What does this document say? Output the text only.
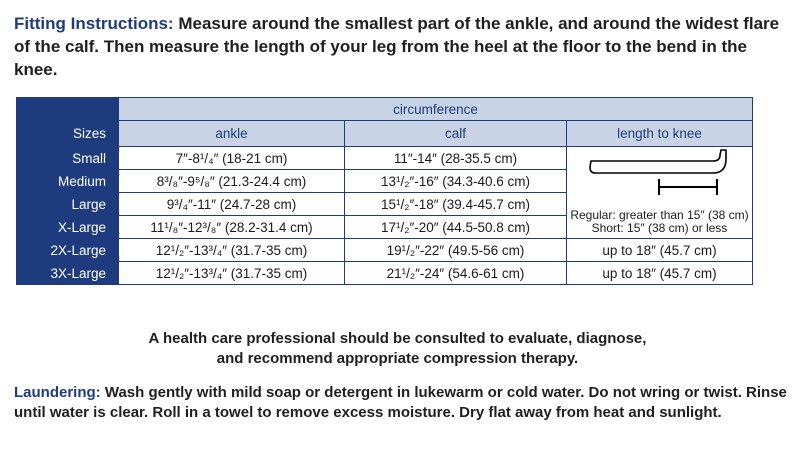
Fitting Instructions: Measure around the smallest part of the ankle, and around the widest flare of the calf. Then measure the length of your leg from the heel at the floor to the bend in the knee.
	circumference		
Sizes	ankle	calf	length to knee
Small	7″-8¹/₄″ (18-21 cm)	11″-14″ (28-35.5 cm)	Regular: greater than 15″ (38 cm)
Short: 15″ (38 cm) or less

Medium	8³/₈″-9⁵/₈″ (21.3-24.4 cm)	13¹/₂″-16″ (34.3-40.6 cm)	
Large	9³/₄″-11″ (24.7-28 cm)	15¹/₂″-18″ (39.4-45.7 cm)	
X-Large	11¹/₈″-12³/₈″ (28.2-31.4 cm)	17¹/₂″-20″ (44.5-50.8 cm)	
2X-Large	12¹/₂″-13³/₄″ (31.7-35 cm)	19¹/₂″-22″ (49.5-56 cm)	up to 18″ (45.7 cm)
3X-Large	12¹/₂″-13³/₄″ (31.7-35 cm)	21¹/₂″-24″ (54.6-61 cm)	up to 18″ (45.7 cm)
A health care professional should be consulted to evaluate, diagnose,
and recommend appropriate compression therapy.
Laundering: Wash gently with mild soap or detergent in lukewarm or cold water. Do not wring or twist. Rinse until water is clear. Roll in a towel to remove excess moisture. Dry flat away from heat and sunlight.
